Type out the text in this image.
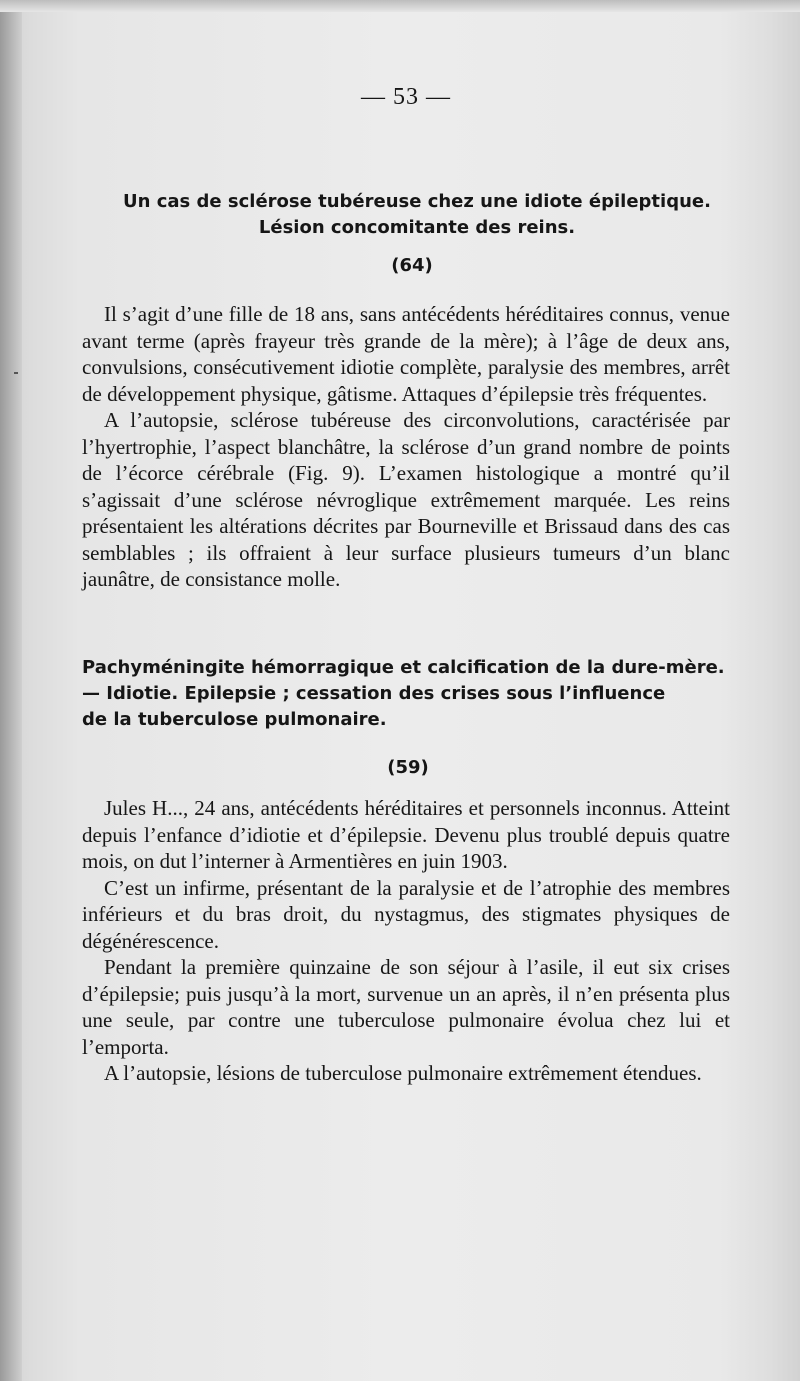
— 53 —
Un cas de sclérose tubéreuse chez une idiote épileptique.
Lésion concomitante des reins.
(64)

Il s’agit d’une fille de 18 ans, sans antécédents héréditaires connus, venue avant terme (après frayeur très grande de la mère); à l’âge de deux ans, convulsions, consécutivement idiotie complète, paralysie des membres, arrêt de développement physique, gâtisme. Attaques d’épilepsie très fréquentes.

A l’autopsie, sclérose tubéreuse des circonvolutions, caractérisée par l’hyertrophie, l’aspect blanchâtre, la sclérose d’un grand nombre de points de l’écorce cérébrale (Fig. 9). L’examen histologique a montré qu’il s’agissait d’une sclérose névroglique extrêmement marquée. Les reins présentaient les altérations décrites par Bourneville et Brissaud dans des cas semblables ; ils offraient à leur surface plusieurs tumeurs d’un blanc jaunâtre, de consistance molle.

Pachyméningite hémorragique et calcification de la dure-mère.
— Idiotie. Epilepsie ; cessation des crises sous l’influence
de la tuberculose pulmonaire.
(59)

Jules H..., 24 ans, antécédents héréditaires et personnels inconnus. Atteint depuis l’enfance d’idiotie et d’épilepsie. Devenu plus troublé depuis quatre mois, on dut l’interner à Armentières en juin 1903.

C’est un infirme, présentant de la paralysie et de l’atrophie des membres inférieurs et du bras droit, du nystagmus, des stigmates physiques de dégénérescence.

Pendant la première quinzaine de son séjour à l’asile, il eut six crises d’épilepsie; puis jusqu’à la mort, survenue un an après, il n’en présenta plus une seule, par contre une tuberculose pulmonaire évolua chez lui et l’emporta.

A l’autopsie, lésions de tuberculose pulmonaire extrêmement étendues.
